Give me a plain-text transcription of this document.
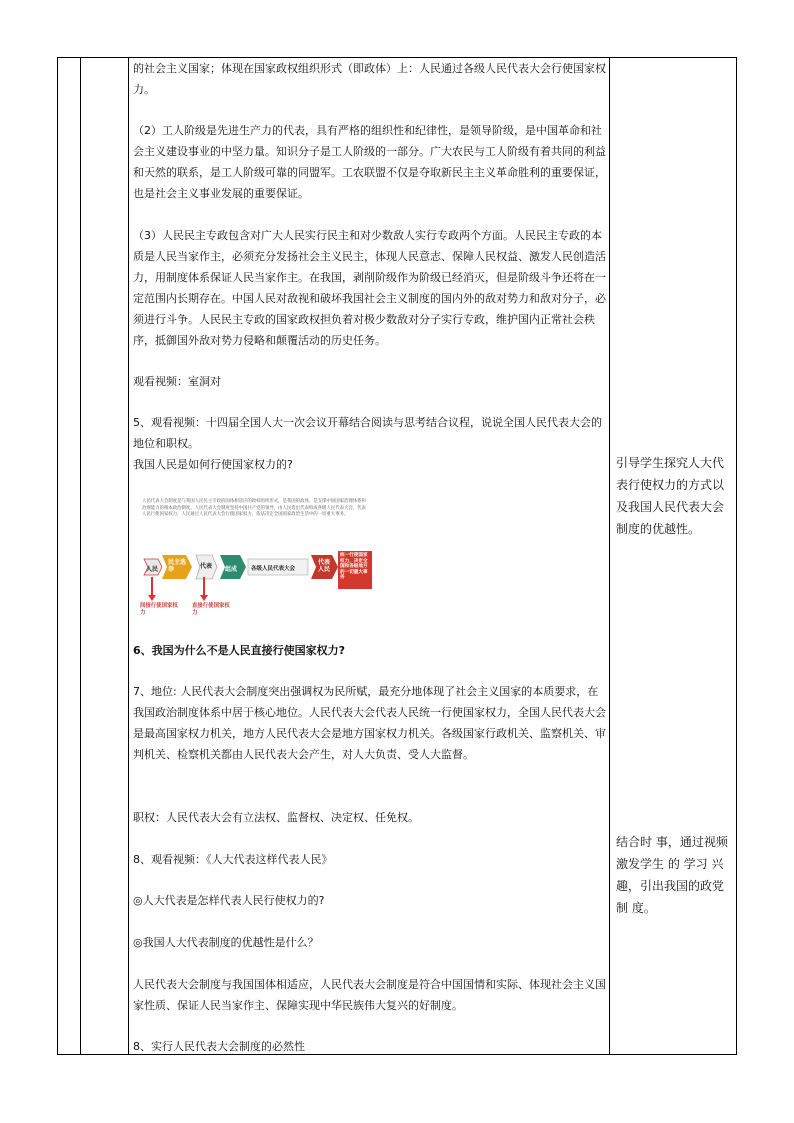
的社会主义国家；体现在国家政权组织形式（即政体）上：人民通过各级人民代表大会行使国家权力。

（2）工人阶级是先进生产力的代表，具有严格的组织性和纪律性，是领导阶级，是中国革命和社会主义建设事业的中坚力量。知识分子是工人阶级的一部分。广大农民与工人阶级有着共同的利益和天然的联系，是工人阶级可靠的同盟军。工农联盟不仅是夺取新民主主义革命胜利的重要保证，也是社会主义事业发展的重要保证。

（3）人民民主专政包含对广大人民实行民主和对少数敌人实行专政两个方面。人民民主专政的本质是人民当家作主，必须充分发扬社会主义民主，体现人民意志、保障人民权益、激发人民创造活力，用制度体系保证人民当家作主。在我国，剥削阶级作为阶级已经消灭，但是阶级斗争还将在一定范围内长期存在。中国人民对敌视和破坏我国社会主义制度的国内外的敌对势力和敌对分子，必须进行斗争。人民民主专政的国家政权担负着对极少数敌对分子实行专政，维护国内正常社会秩序，抵御国外敌对势力侵略和颠覆活动的历史任务。

观看视频：室洞对

5、观看视频：十四届全国人大一次会议开幕结合阅读与思考结合议程，说说全国人民代表大会的地位和职权。

我国人民是如何行使国家权力的?

6、我国为什么不是人民直接行使国家权力?

7、地位: 人民代表大会制度突出强调权为民所赋，最充分地体现了社会主义国家的本质要求，在我国政治制度体系中居于核心地位。人民代表大会代表人民统一行使国家权力，全国人民代表大会是最高国家权力机关，地方人民代表大会是地方国家权力机关。各级国家行政机关、监察机关、审判机关、检察机关都由人民代表大会产生，对人大负责、受人大监督。

职权：人民代表大会有立法权、监督权、决定权、任免权。

8、观看视频：《人大代表这样代表人民》

◎人大代表是怎样代表人民行使权力的?

◎我国人大代表制度的优越性是什么？

人民代表大会制度与我国国体相适应，人民代表大会制度是符合中国国情和实际、体现社会主义国家性质、保证人民当家作主、保障实现中华民族伟大复兴的好制度。

8、实行人民代表大会制度的必然性

引导学生探究人大代表行使权力的方式以及我国人民代表大会制度的优越性。
结合时 事，通过视频激发学生 的 学习 兴 趣，引出我国的政党制 度。
人民代表大会制度是与我国人民民主专政的国体相适应的政权组织形式，是我国的政体，是支撑中国国家治理体系和治理能力的根本政治制度。人民代表大会制度坚持中国共产党的领导，由人民选出代表组成各级人民代表大会，代表人民行使国家权力，人民通过人民代表大会行使国家权力，依法决定全国国家政治生活中的一切重大事务。
人民
民主选举	代表 组成	各级人民代表大会
代表人民
统一行使国家权力，决定全国和各级地方的一切重大事务
间接行使国家权力
直接行使国家权力
